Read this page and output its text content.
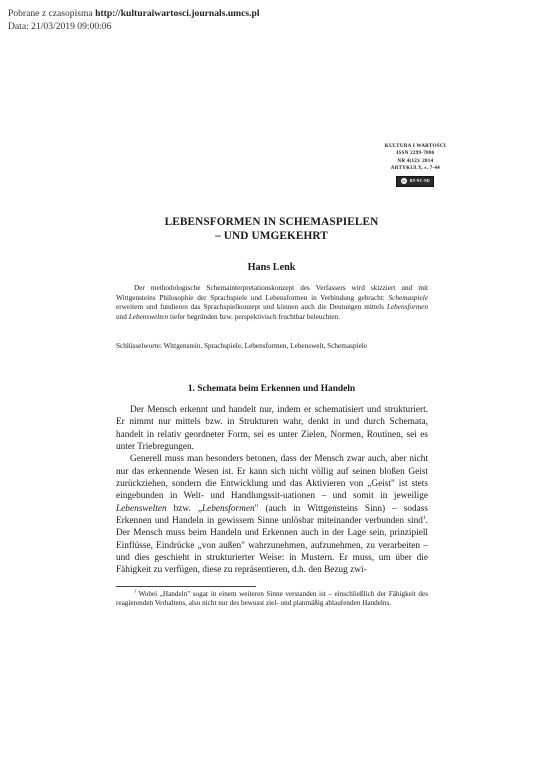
Pobrane z czasopisma http://kulturaiwartosci.journals.umcs.pl
Data: 21/03/2019 09:00:06
KULTURA I WARTOŚCI
ISSN 2299-7806
NR 4(12)/ 2014
ARTYKUŁY, s. 7-44
cc	BY-NC-ND
LEBENSFORMEN IN SCHEMASPIELEN
– UND UMGEKEHRT
Hans Lenk

Der methodologische Schemainterpretationskonzept des Verfassers wird skizziert und mit Wittgensteins Philosophie der Sprachspiele und Lebensformen in Verbindung gebracht: Schemaspiele erweitern und fundieren das Sprachspielkonzept und können auch die Deutungen mittels Lebensformen und Lebenswelten tiefer begründen bzw. perspektivisch fruchtbar beleuchten.

Schlüsselworte: Wittgenstein, Sprachspiele, Lebensformen, Lebenswelt, Schemaspiele

1. Schemata beim Erkennen und Handeln

Der Mensch erkennt und handelt nur, indem er schematisiert und strukturiert. Er nimmt nur mittels bzw. in Strukturen wahr, denkt in und durch Schemata, handelt in relativ geordneter Form, sei es unter Zielen, Normen, Routinen, sei es unter Triebregungen.

Generell muss man besonders betonen, dass der Mensch zwar auch, aber nicht nur das erkennende Wesen ist. Er kann sich nicht völlig auf seinen bloßen Geist zurückziehen, sondern die Entwicklung und das Aktivieren von „Geist" ist stets eingebunden in Welt- und Handlungssit-uationen – und somit in jeweilige Lebenswelten bzw. „Lebensformen" (auch in Wittgensteins Sinn) – sodass Erkennen und Handeln in gewissem Sinne unlösbar miteinander verbunden sind$^1$. Der Mensch muss beim Handeln und Erkennen auch in der Lage sein, prinzipiell Einflüsse, Eindrücke „von außen" wahrzunehmen, aufzunehmen, zu verarbeiten – und dies geschieht in strukturierter Weise: in Mustern. Er muss, um über die Fähigkeit zu verfügen, diese zu repräsentieren, d.h. den Bezug zwi-

$^1$ Wobei „Handeln" sogar in einem weiteren Sinne verstanden ist – einschließlich der Fähigkeit des reagierenden Verhaltens, also nicht nur des bewusst ziel- und planmäßig ablaufenden Handelns.
